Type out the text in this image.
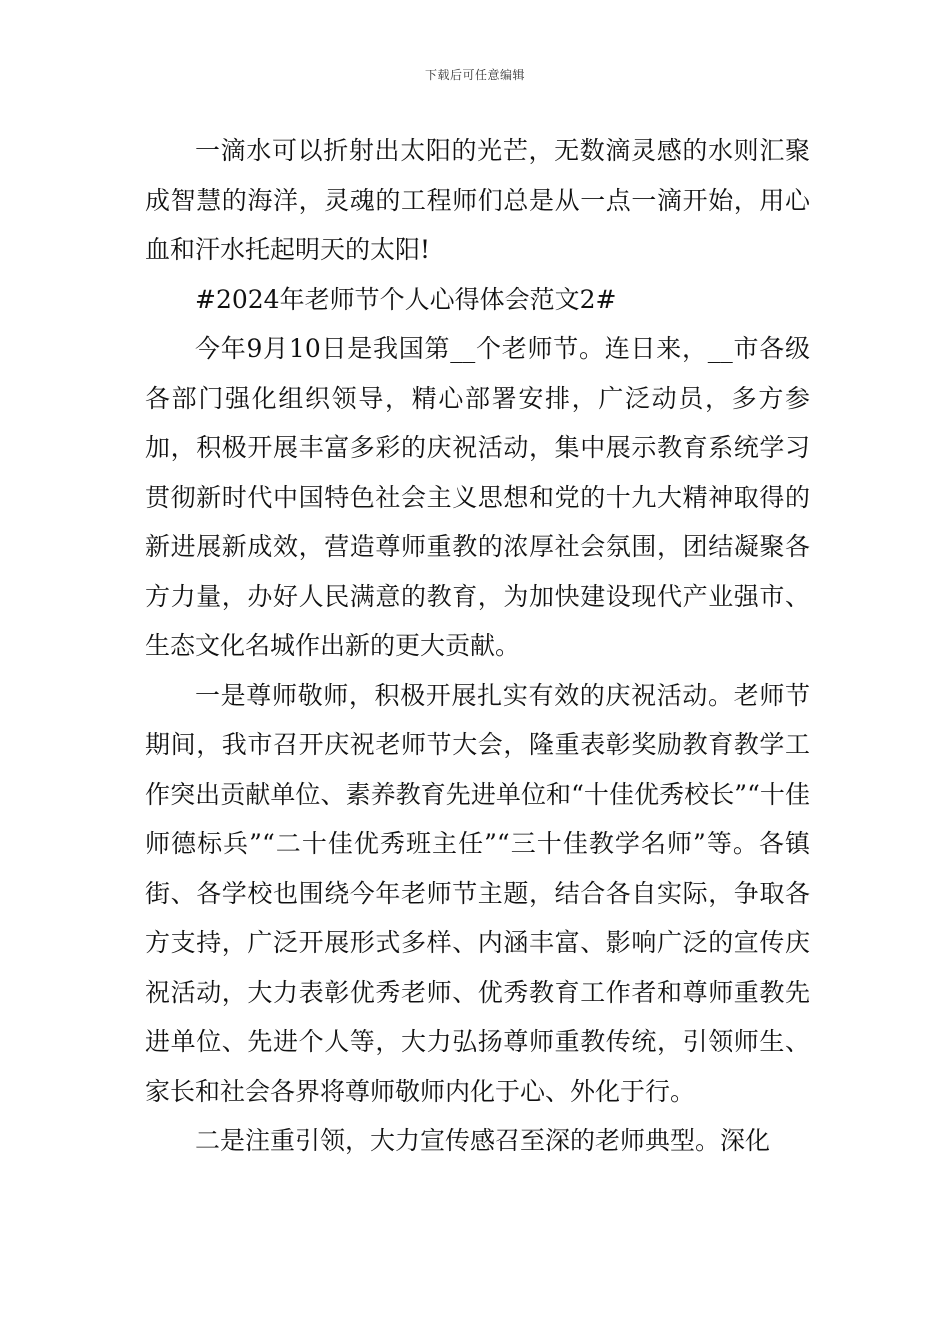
下载后可任意编辑

一滴水可以折射出太阳的光芒，无数滴灵感的水则汇聚成智慧的海洋，灵魂的工程师们总是从一点一滴开始，用心血和汗水托起明天的太阳!

#2024年老师节个人心得体会范文2#

今年9月10日是我国第__个老师节。连日来，__市各级各部门强化组织领导，精心部署安排，广泛动员，多方参加，积极开展丰富多彩的庆祝活动，集中展示教育系统学习贯彻新时代中国特色社会主义思想和党的十九大精神取得的新进展新成效，营造尊师重教的浓厚社会氛围，团结凝聚各方力量，办好人民满意的教育，为加快建设现代产业强市、生态文化名城作出新的更大贡献。

一是尊师敬师，积极开展扎实有效的庆祝活动。老师节期间，我市召开庆祝老师节大会，隆重表彰奖励教育教学工作突出贡献单位、素养教育先进单位和“十佳优秀校长”“十佳师德标兵”“二十佳优秀班主任”“三十佳教学名师”等。各镇街、各学校也围绕今年老师节主题，结合各自实际，争取各方支持，广泛开展形式多样、内涵丰富、影响广泛的宣传庆祝活动，大力表彰优秀老师、优秀教育工作者和尊师重教先进单位、先进个人等，大力弘扬尊师重教传统，引领师生、家长和社会各界将尊师敬师内化于心、外化于行。

二是注重引领，大力宣传感召至深的老师典型。深化
